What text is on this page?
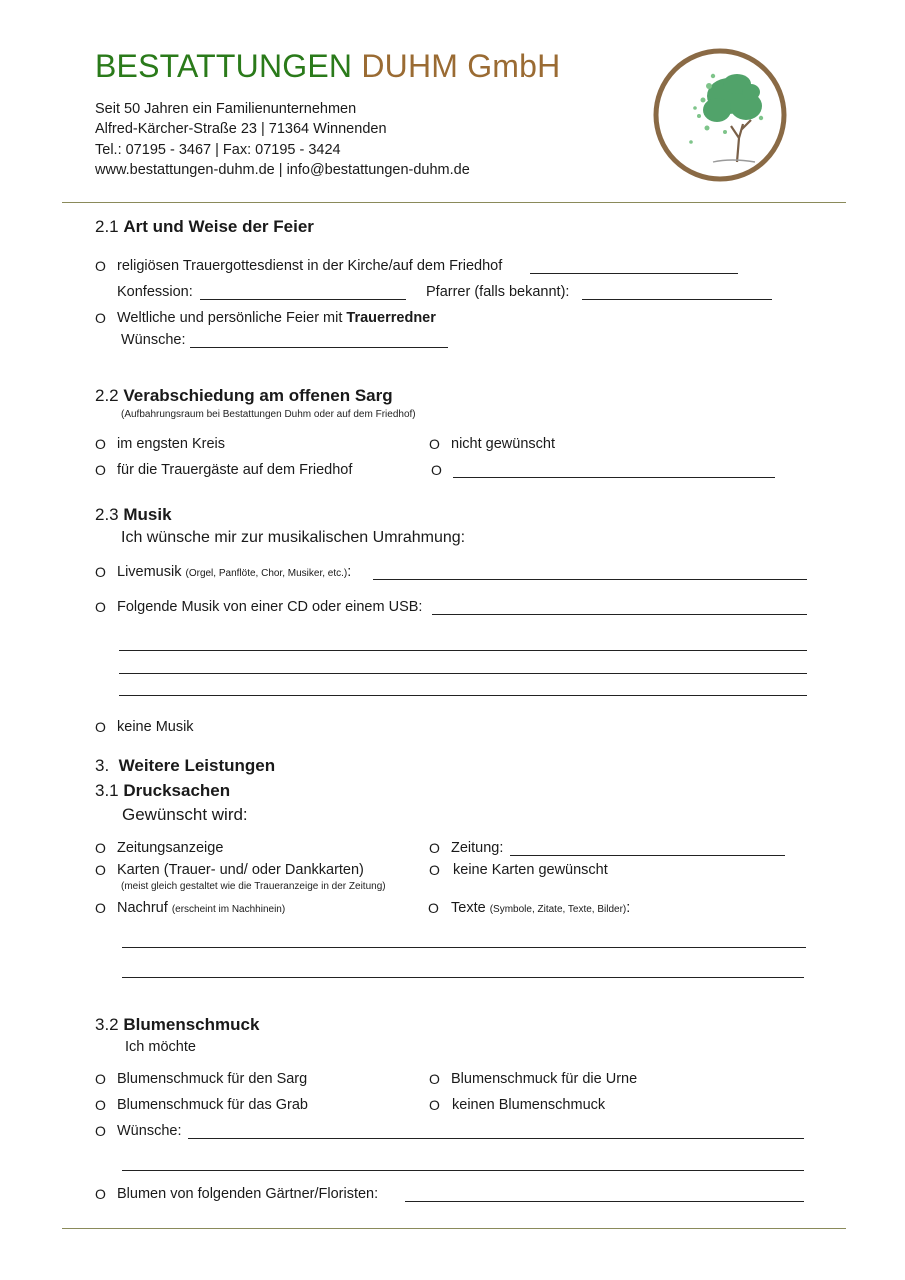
BESTATTUNGEN DUHM GmbH
Seit 50 Jahren ein Familienunternehmen
Alfred-Kärcher-Straße 23 | 71364 Winnenden
Tel.: 07195 - 3467 | Fax: 07195 - 3424
www.bestattungen-duhm.de | info@bestattungen-duhm.de
2.1 Art und Weise der Feier
O religiösen Trauergottesdienst in der Kirche/auf dem Friedhof
Konfession:	Pfarrer (falls bekannt):
O Weltliche und persönliche Feier mit Trauerredner
Wünsche:
2.2 Verabschiedung am offenen Sarg
(Aufbahrungsraum bei Bestattungen Duhm oder auf dem Friedhof)
O im engsten Kreis	O nicht gewünscht
O für die Trauergäste auf dem Friedhof	O
2.3 Musik
Ich wünsche mir zur musikalischen Umrahmung:
O Livemusik (Orgel, Panflöte, Chor, Musiker, etc.):
O Folgende Musik von einer CD oder einem USB:
O keine Musik
3. Weitere Leistungen
3.1 Drucksachen
Gewünscht wird:
O Zeitungsanzeige	O Zeitung:
O Karten (Trauer- und/ oder Dankkarten)	O keine Karten gewünscht
(meist gleich gestaltet wie die Traueranzeige in der Zeitung)
O Nachruf (erscheint im Nachhinein)	O Texte (Symbole, Zitate, Texte, Bilder):
3.2 Blumenschmuck
Ich möchte
O Blumenschmuck für den Sarg	O Blumenschmuck für die Urne
O Blumenschmuck für das Grab	O keinen Blumenschmuck
O Wünsche:
O Blumen von folgenden Gärtner/Floristen:
